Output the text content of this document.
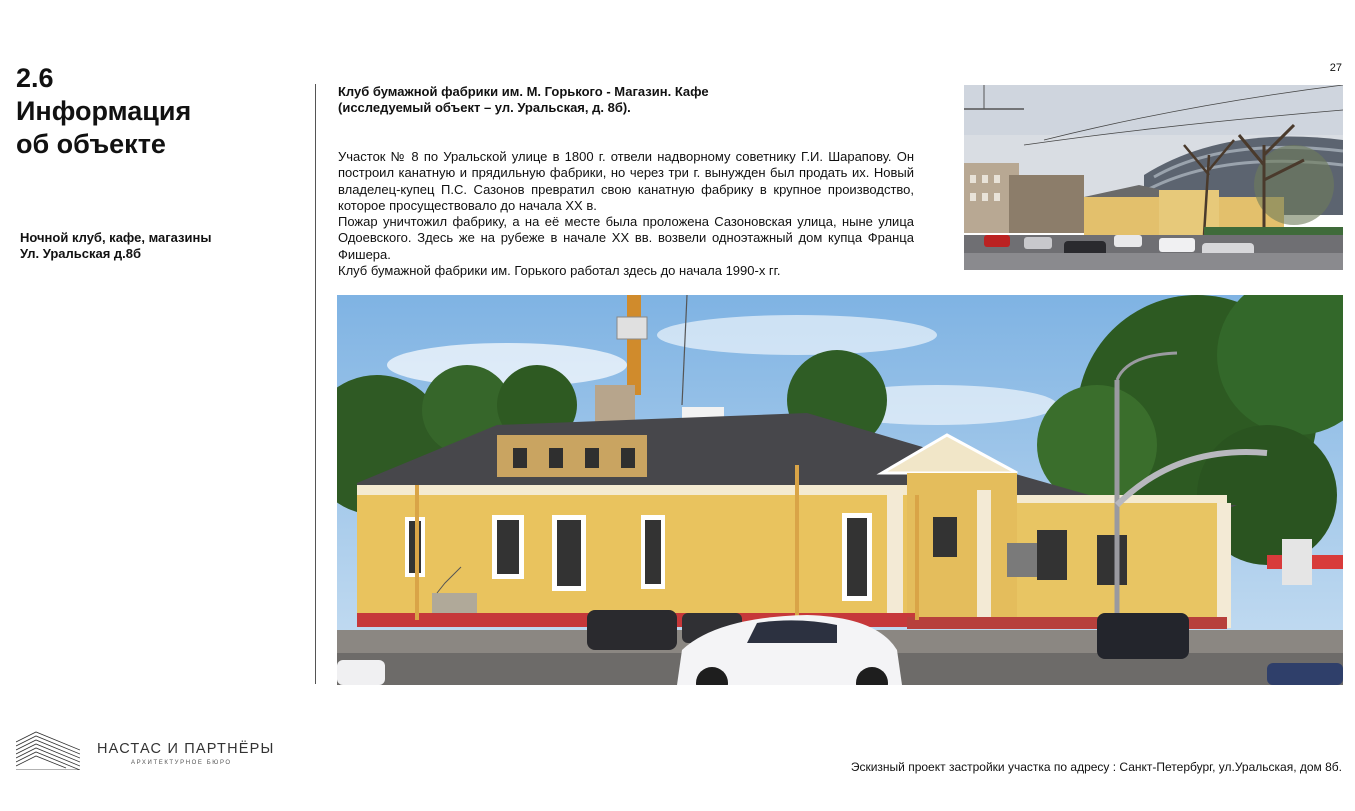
2.6
Информация
об объекте
Ночной клуб, кафе, магазины
Ул. Уральская д.8б
27
Клуб бумажной фабрики им. М. Горького - Магазин. Кафе
(исследуемый объект – ул. Уральская, д. 8б).

Участок № 8 по Уральской улице в 1800 г. отвели надворному советнику Г.И. Шарапову. Он построил канатную и прядильную фабрики, но через три г. вынужден был продать их. Новый владелец-купец П.С. Сазонов превратил свою канатную фабрику в крупное производство, которое просуществовало до начала XX в.

Пожар уничтожил фабрику, а на её месте была проложена Сазоновская улица, ныне улица Одоевского. Здесь же на рубеже в начале XX вв. возвели одноэтажный дом купца Франца Фишера.

Клуб бумажной фабрики им. Горького работал здесь до начала 1990-х гг.

НАСТАС И ПАРТНЁРЫ
АРХИТЕКТУРНОЕ БЮРО	Эскизный проект застройки участка по адресу : Санкт-Петербург, ул.Уральская, дом 8б.
